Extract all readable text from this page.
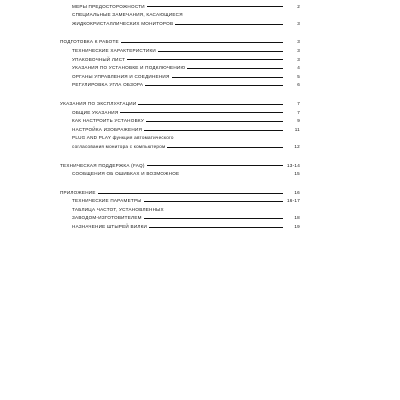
МЕРЫ ПРЕДОСТОРОЖНОСТИ	2
СПЕЦИАЛЬНЫЕ ЗАМЕЧАНИЯ, КАСАЮЩИЕСЯ
ЖИДКОКРИСТАЛЛИЧЕСКИХ МОНИТОРОВ	3
ПОДГОТОВКА К РАБОТЕ	3
ТЕХНИЧЕСКИЕ ХАРАКТЕРИСТИКИ	3
УПАКОВОЧНЫЙ ЛИСТ	3
УКАЗАНИЯ ПО УСТАНОВКЕ И ПОДКЛЮЧЕНИЮ	4
ОРГАНЫ УПРАВЛЕНИЯ И СОЕДИНЕНИЯ	5
РЕГУЛИРОВКА УГЛА ОБЗОРА	6
УКАЗАНИЯ ПО ЭКСПЛУАТАЦИИ	7
ОБЩИЕ УКАЗАНИЯ	7
КАК НАСТРОИТЬ УСТАНОВКУ	9
НАСТРОЙКА ИЗОБРАЖЕНИЯ	11
PLUG AND PLAY функция автоматического
согласования монитора с компьютером	12
ТЕХНИЧЕСКАЯ ПОДДЕРЖКА (FAQ)	13-14
СООБЩЕНИЯ ОБ ОШИБКАХ И ВОЗМОЖНОЕ	15
ПРИЛОЖЕНИЕ	16
ТЕХНИЧЕСКИЕ ПАРАМЕТРЫ	16-17
ТАБЛИЦА ЧАСТОТ, УСТАНОВЛЕННЫХ
ЗАВОДОМ-ИЗГОТОВИТЕЛЕМ	18
НАЗНАЧЕНИЕ ШТЫРЕЙ ВИЛКИ	19
